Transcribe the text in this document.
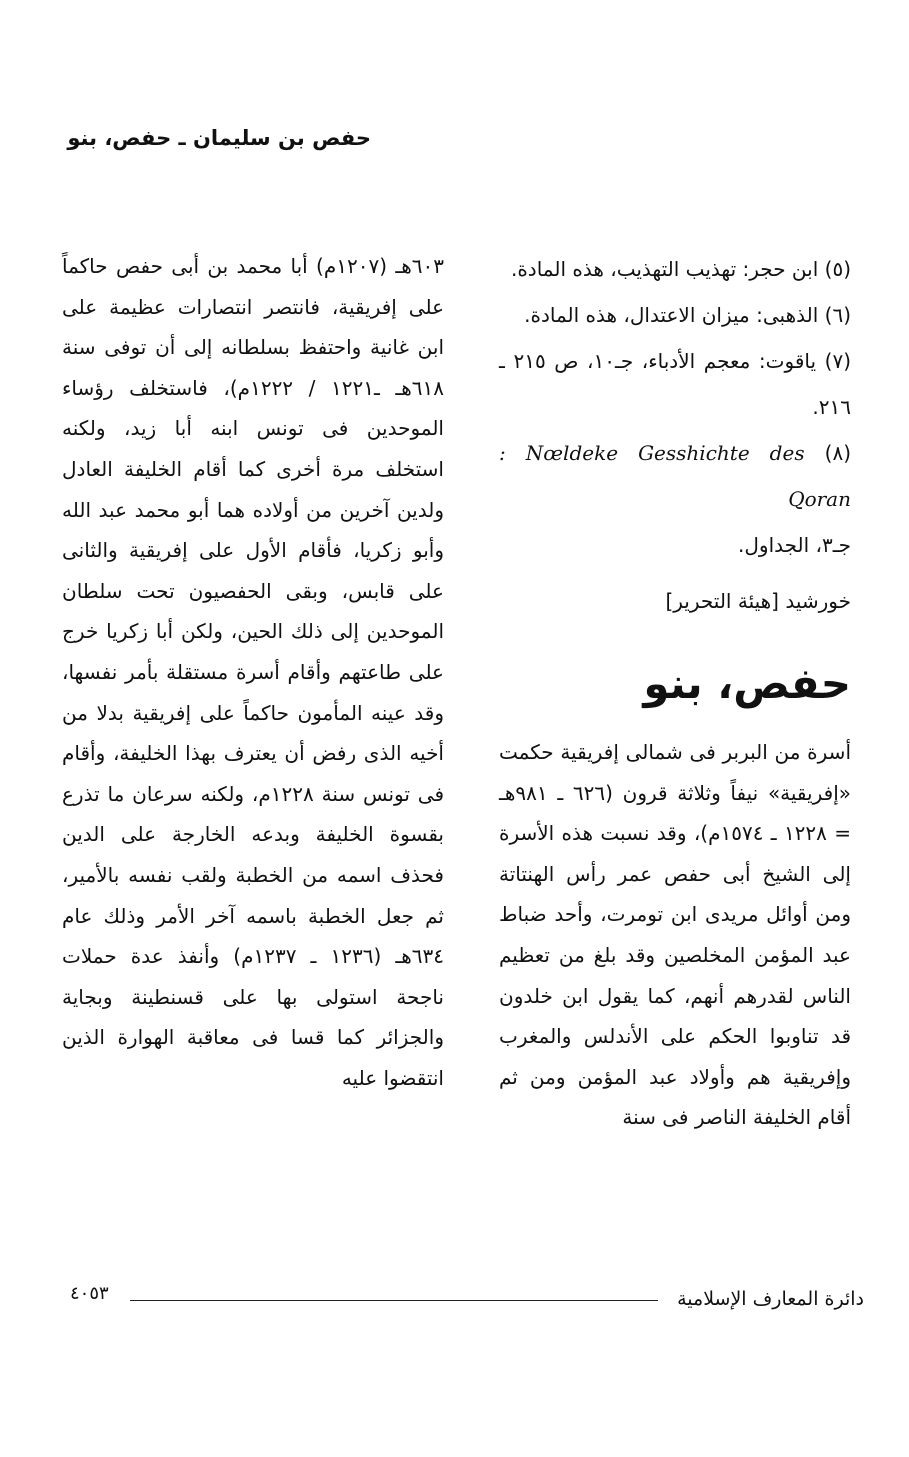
حفص بن سليمان ـ حفص، بنو
(٥) ابن حجر: تهذيب التهذيب، هذه المادة.
(٦) الذهبى: ميزان الاعتدال، هذه المادة.
(٧) ياقوت: معجم الأدباء، جـ١٠، ص ٢١٥ ـ ٢١٦.
(٨) : Nœldeke Gesshichte des Qoran
جـ٣، الجداول.
خورشيد [هيئة التحرير]
حفص، بنو
أسرة من البربر فى شمالى إفريقية حكمت «إفريقية» نيفاً وثلاثة قرون (٦٢٦ ـ ٩٨١هـ = ١٢٢٨ ـ ١٥٧٤م)، وقد نسبت هذه الأسرة إلى الشيخ أبى حفص عمر رأس الهنتاتة ومن أوائل مريدى ابن تومرت، وأحد ضباط عبد المؤمن المخلصين وقد بلغ من تعظيم الناس لقدرهم أنهم، كما يقول ابن خلدون قد تناوبوا الحكم على الأندلس والمغرب وإفريقية هم وأولاد عبد المؤمن ومن ثم أقام الخليفة الناصر فى سنة
٦٠٣هـ (١٢٠٧م) أبا محمد بن أبى حفص حاكماً على إفريقية، فانتصر انتصارات عظيمة على ابن غانية واحتفظ بسلطانه إلى أن توفى سنة ٦١٨هـ ـ١٢٢١ / ١٢٢٢م)، فاستخلف رؤساء الموحدين فى تونس ابنه أبا زيد، ولكنه استخلف مرة أخرى كما أقام الخليفة العادل ولدين آخرين من أولاده هما أبو محمد عبد الله وأبو زكريا، فأقام الأول على إفريقية والثانى على قابس، وبقى الحفصيون تحت سلطان الموحدين إلى ذلك الحين، ولكن أبا زكريا خرج على طاعتهم وأقام أسرة مستقلة بأمر نفسها، وقد عينه المأمون حاكماً على إفريقية بدلا من أخيه الذى رفض أن يعترف بهذا الخليفة، وأقام فى تونس سنة ١٢٢٨م، ولكنه سرعان ما تذرع بقسوة الخليفة وبدعه الخارجة على الدين فحذف اسمه من الخطبة ولقب نفسه بالأمير، ثم جعل الخطبة باسمه آخر الأمر وذلك عام ٦٣٤هـ (١٢٣٦ ـ ١٢٣٧م) وأنفذ عدة حملات ناجحة استولى بها على قسنطينة وبجاية والجزائر كما قسا فى معاقبة الهوارة الذين انتقضوا عليه
دائرة المعارف الإسلامية
٤٠٥٣
